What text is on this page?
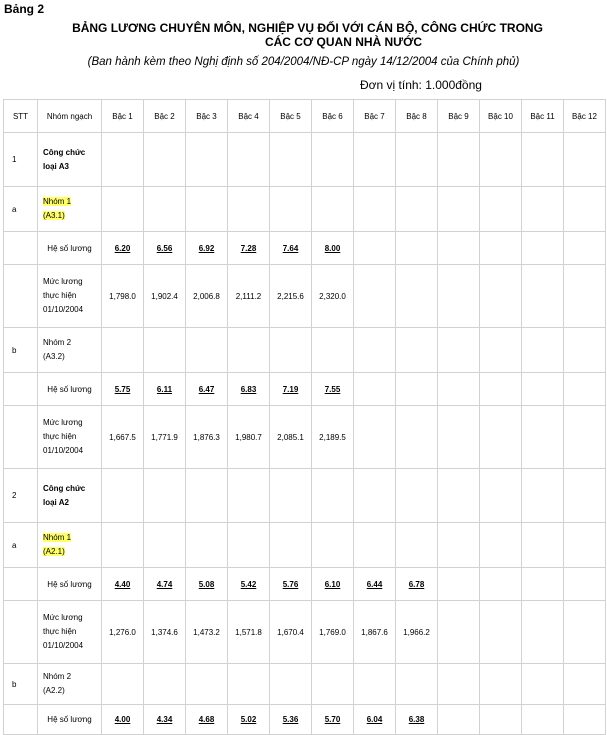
Bảng 2
BẢNG LƯƠNG CHUYÊN MÔN, NGHIỆP VỤ ĐỐI VỚI CÁN BỘ, CÔNG CHỨC TRONG
CÁC CƠ QUAN NHÀ NƯỚC
(Ban hành kèm theo Nghị định số 204/2004/NĐ-CP ngày 14/12/2004 của Chính phủ)
Đơn vị tính: 1.000đồng
STT	Nhóm ngạch	Bậc 1	Bậc 2	Bậc 3	Bậc 4	Bậc 5	Bậc 6	Bậc 7	Bậc 8	Bậc 9	Bậc 10	Bậc 11	Bậc 12
1	Công chức
loại A3												
a	Nhóm 1
(A3.1)												
	Hệ số lương	6.20	6.56	6.92	7.28	7.64	8.00						
	Mức lương
thực hiện
01/10/2004	1,798.0	1,902.4	2,006.8	2,111.2	2,215.6	2,320.0						
b	Nhóm 2
(A3.2)												
	Hệ số lương	5.75	6.11	6.47	6.83	7.19	7.55						
	Mức lương
thực hiện
01/10/2004	1,667.5	1,771.9	1,876.3	1,980.7	2,085.1	2,189.5						
2	Công chức
loại A2												
a	Nhóm 1
(A2.1)												
	Hệ số lương	4.40	4.74	5.08	5.42	5.76	6.10	6.44	6.78				
	Mức lương
thực hiện
01/10/2004	1,276.0	1,374.6	1,473.2	1,571.8	1,670.4	1,769.0	1,867.6	1,966.2				
b	Nhóm 2
(A2.2)												
	Hệ số lương	4.00	4.34	4.68	5.02	5.36	5.70	6.04	6.38				
